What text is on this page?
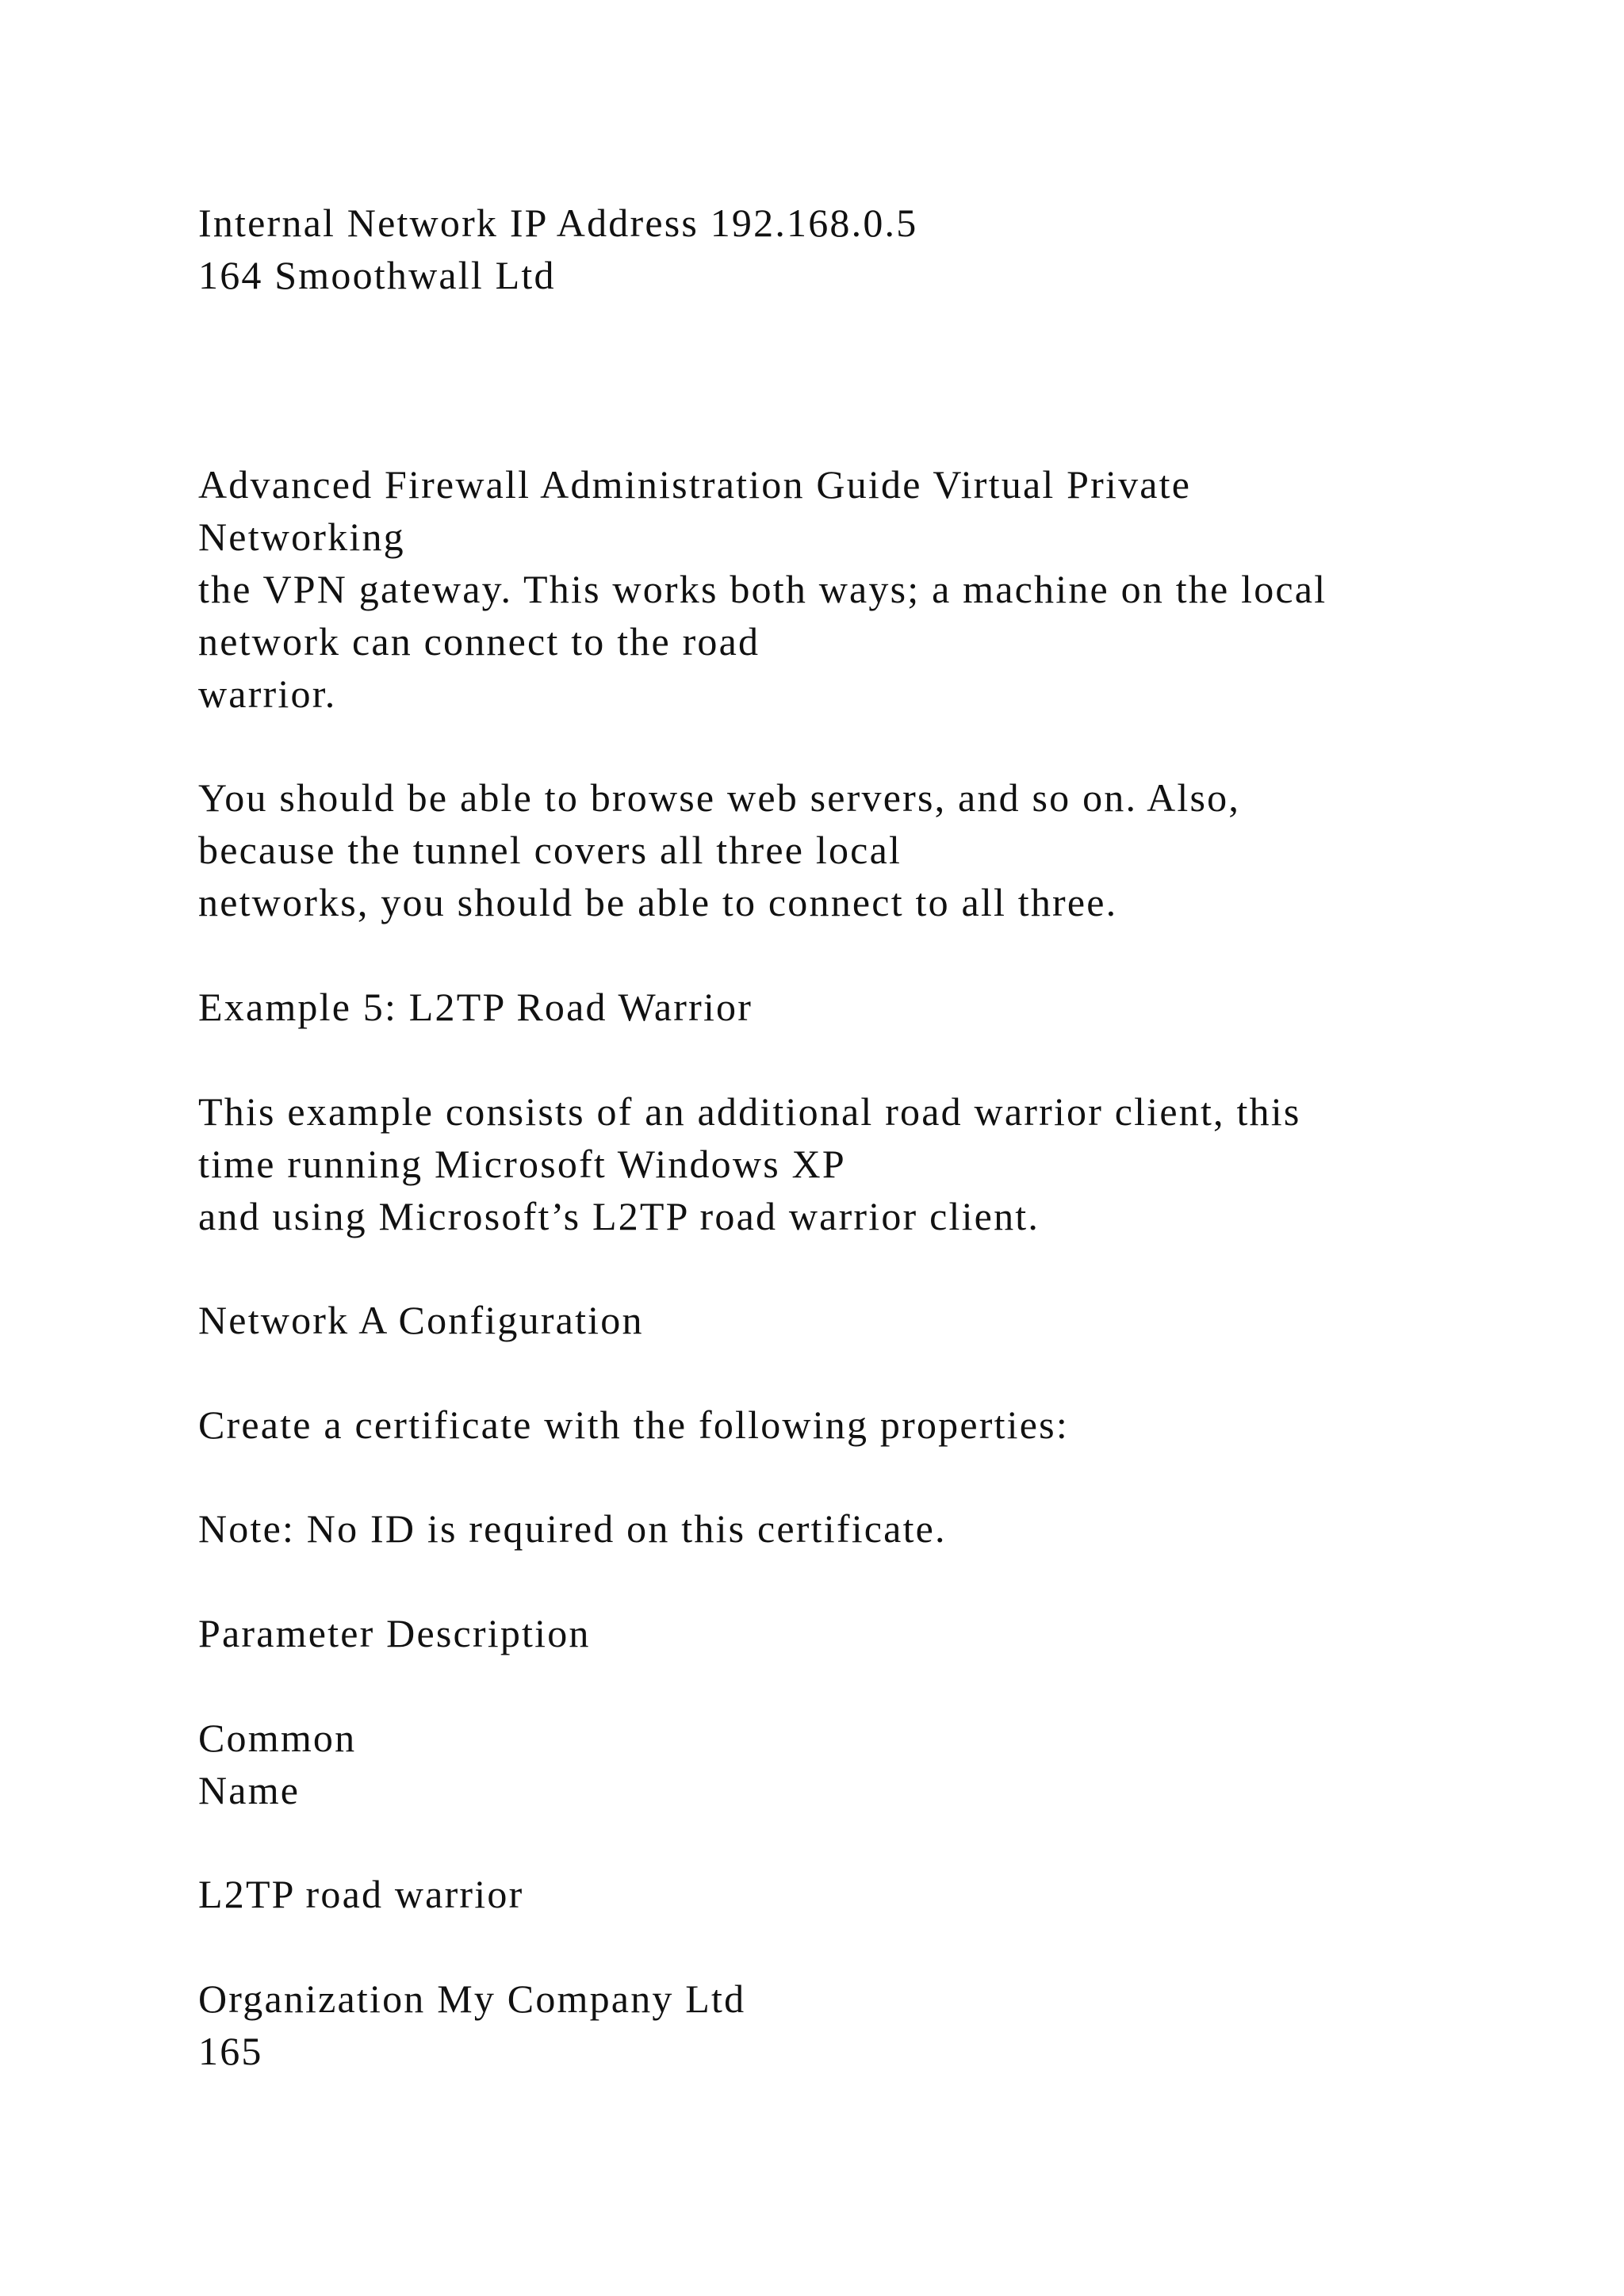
Internal Network IP Address 192.168.0.5
164 Smoothwall Ltd
Advanced Firewall Administration Guide Virtual Private
Networking
the VPN gateway. This works both ways; a machine on the local
network can connect to the road
warrior.
You should be able to browse web servers, and so on. Also,
because the tunnel covers all three local
networks, you should be able to connect to all three.
Example 5: L2TP Road Warrior
This example consists of an additional road warrior client, this
time running Microsoft Windows XP
and using Microsoft’s L2TP road warrior client.
Network A Configuration
Create a certificate with the following properties:
Note: No ID is required on this certificate.
Parameter Description
Common
Name
L2TP road warrior
Organization My Company Ltd
165
